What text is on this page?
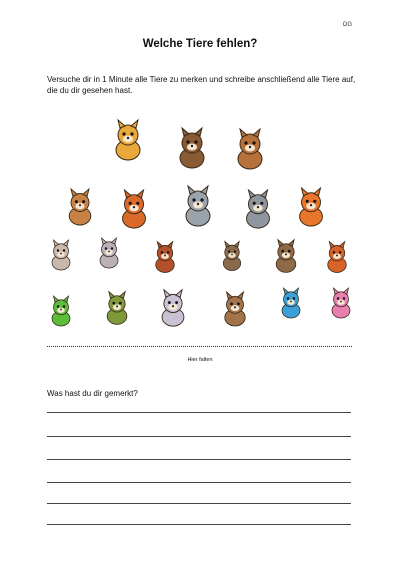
OG
Welche Tiere fehlen?
Versuche dir in 1 Minute alle Tiere zu merken und schreibe anschließend alle Tiere auf, die du dir gesehen hast.
Hier falten
Was hast du dir gemerkt?
